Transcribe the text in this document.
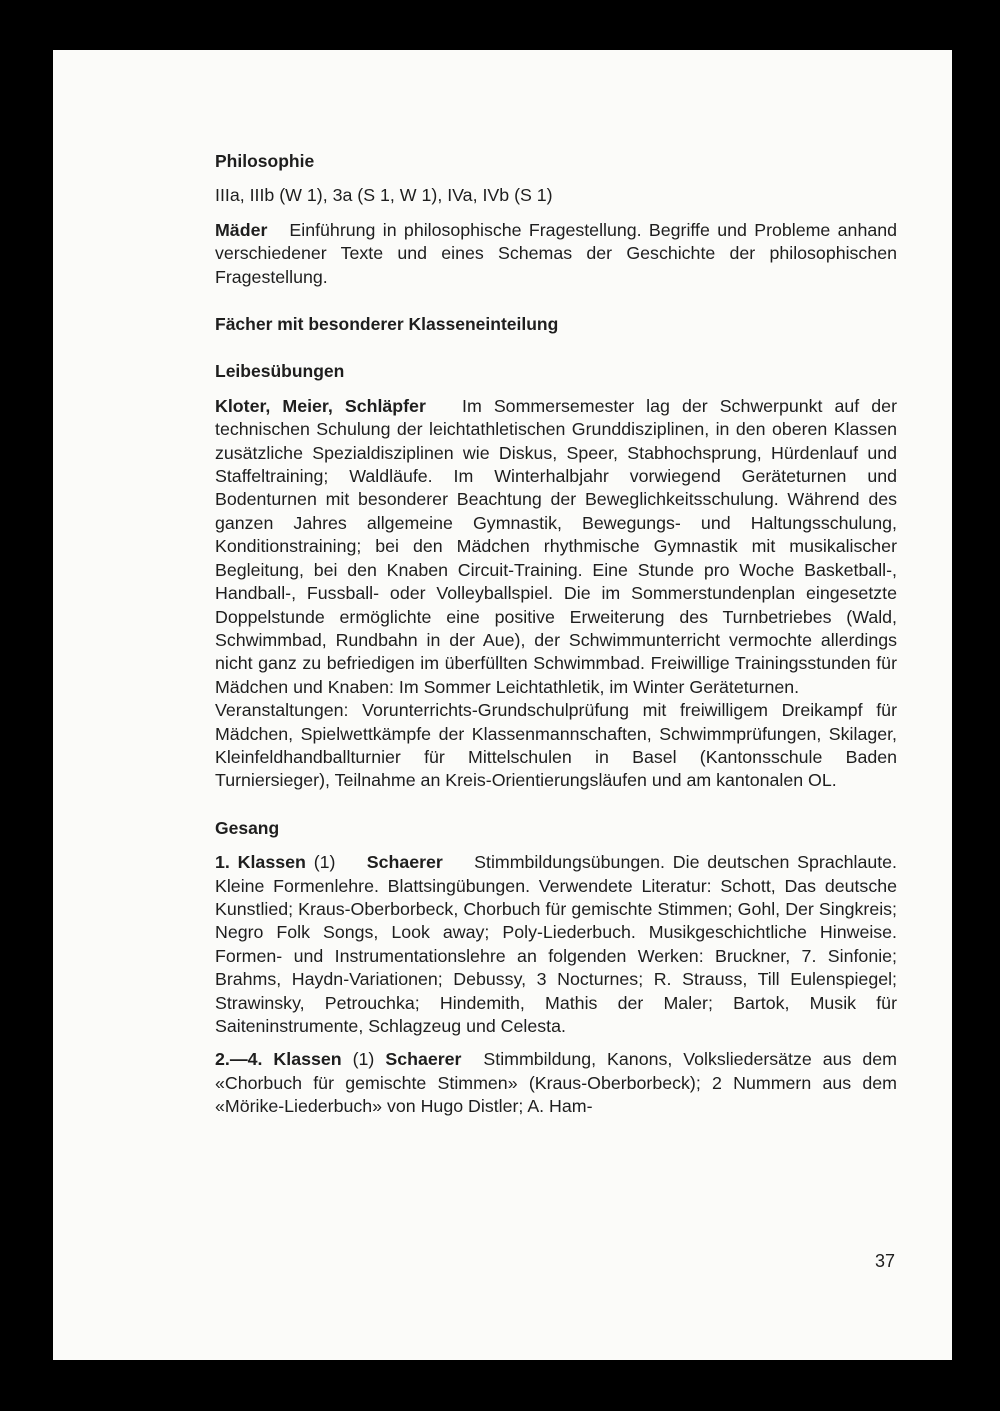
Philosophie

IIIa, IIIb (W 1), 3a (S 1, W 1), IVa, IVb (S 1)

Mäder Einführung in philosophische Fragestellung. Begriffe und Probleme anhand verschiedener Texte und eines Schemas der Geschichte der philosophischen Fragestellung.

Fächer mit besonderer Klasseneinteilung
Leibesübungen

Kloter, Meier, Schläpfer Im Sommersemester lag der Schwerpunkt auf der technischen Schulung der leichtathletischen Grunddisziplinen, in den oberen Klassen zusätzliche Spezialdisziplinen wie Diskus, Speer, Stabhochsprung, Hürdenlauf und Staffeltraining; Waldläufe. Im Winterhalbjahr vorwiegend Geräteturnen und Bodenturnen mit besonderer Beachtung der Beweglichkeitsschulung. Während des ganzen Jahres allgemeine Gymnastik, Bewegungs- und Haltungsschulung, Konditionstraining; bei den Mädchen rhythmische Gymnastik mit musikalischer Begleitung, bei den Knaben Circuit-Training. Eine Stunde pro Woche Basketball-, Handball-, Fussball- oder Volleyballspiel. Die im Sommerstundenplan eingesetzte Doppelstunde ermöglichte eine positive Erweiterung des Turnbetriebes (Wald, Schwimmbad, Rundbahn in der Aue), der Schwimmunterricht vermochte allerdings nicht ganz zu befriedigen im überfüllten Schwimmbad. Freiwillige Trainingsstunden für Mädchen und Knaben: Im Sommer Leichtathletik, im Winter Geräteturnen.

Veranstaltungen: Vorunterrichts-Grundschulprüfung mit freiwilligem Dreikampf für Mädchen, Spielwettkämpfe der Klassenmannschaften, Schwimmprüfungen, Skilager, Kleinfeldhandballturnier für Mittelschulen in Basel (Kantonsschule Baden Turniersieger), Teilnahme an Kreis-Orientierungsläufen und am kantonalen OL.

Gesang

1. Klassen (1) Schaerer Stimmbildungsübungen. Die deutschen Sprachlaute. Kleine Formenlehre. Blattsingübungen. Verwendete Literatur: Schott, Das deutsche Kunstlied; Kraus-Oberborbeck, Chorbuch für gemischte Stimmen; Gohl, Der Singkreis; Negro Folk Songs, Look away; Poly-Liederbuch. Musikgeschichtliche Hinweise. Formen- und Instrumentationslehre an folgenden Werken: Bruckner, 7. Sinfonie; Brahms, Haydn-Variationen; Debussy, 3 Nocturnes; R. Strauss, Till Eulenspiegel; Strawinsky, Petrouchka; Hindemith, Mathis der Maler; Bartok, Musik für Saiteninstrumente, Schlagzeug und Celesta.

2.—4. Klassen (1) Schaerer Stimmbildung, Kanons, Volksliedersätze aus dem «Chorbuch für gemischte Stimmen» (Kraus-Oberborbeck); 2 Nummern aus dem «Mörike-Liederbuch» von Hugo Distler; A. Ham-

37
